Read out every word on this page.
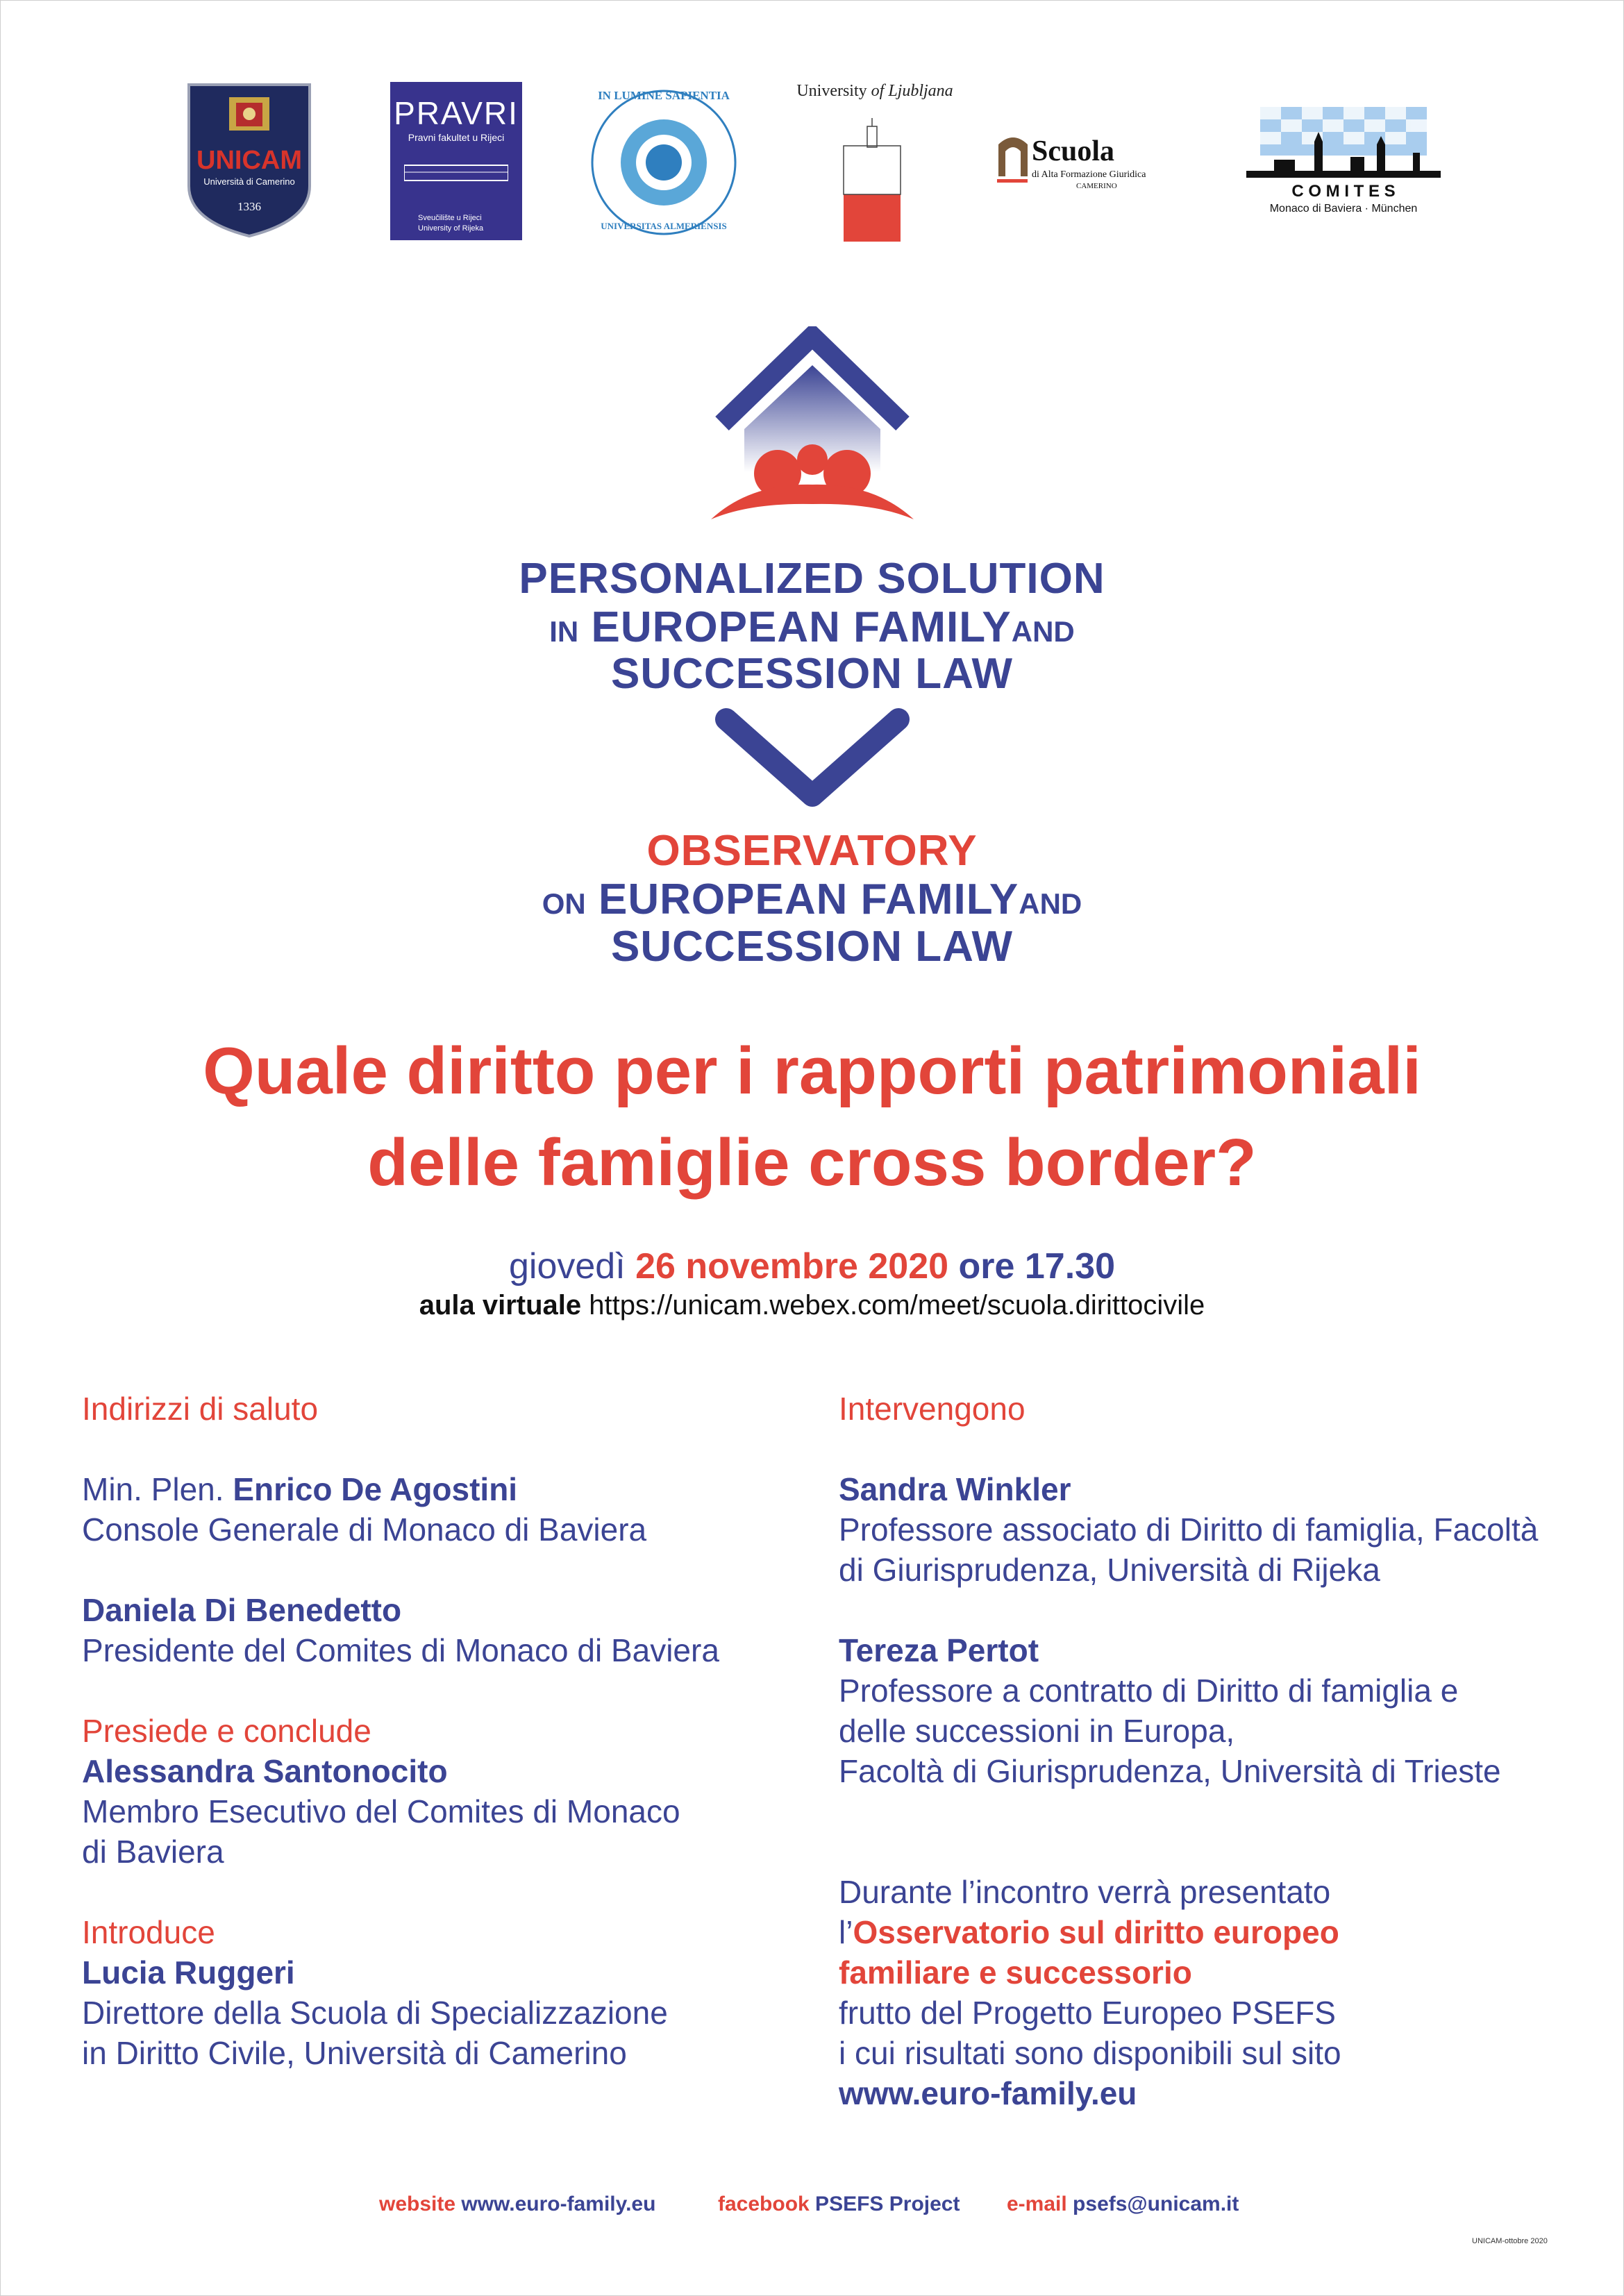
UNICAM
Università di Camerino
1336
PRAVRI
Pravni fakultet u Rijeci
Sveučilište u Rijeci
University of Rijeka
IN LUMINE SAPIENTIA
UNIVERSITAS ALMERIENSIS
University of Ljubljana
Scuola
di Alta Formazione Giuridica
CAMERINO	C O M I T E S
Monaco di Baviera · München
PERSONALIZED SOLUTION
IN EUROPEAN FAMILYAND
SUCCESSION LAW
OBSERVATORY
ON EUROPEAN FAMILYAND
SUCCESSION LAW
Quale diritto per i rapporti patrimoniali
delle famiglie cross border?
giovedì 26 novembre 2020 ore 17.30
aula virtuale https://unicam.webex.com/meet/scuola.dirittocivile
Indirizzi di saluto
Min. Plen. Enrico De Agostini
Console Generale di Monaco di Baviera
Daniela Di Benedetto
Presidente del Comites di Monaco di Baviera
Presiede e conclude
Alessandra Santonocito
Membro Esecutivo del Comites di Monaco
di Baviera
Introduce
Lucia Ruggeri
Direttore della Scuola di Specializzazione
in Diritto Civile, Università di Camerino
Intervengono
Sandra Winkler
Professore associato di Diritto di famiglia, Facoltà
di Giurisprudenza, Università di Rijeka
Tereza Pertot
Professore a contratto di Diritto di famiglia e
delle successioni in Europa,
Facoltà di Giurisprudenza, Università di Trieste
Durante l’incontro verrà presentato
l’Osservatorio sul diritto europeo
familiare e successorio
frutto del Progetto Europeo PSEFS
i cui risultati sono disponibili sul sito
www.euro-family.eu
website www.euro-family.eu	facebook PSEFS Project e-mail psefs@unicam.it
UNICAM-ottobre 2020
